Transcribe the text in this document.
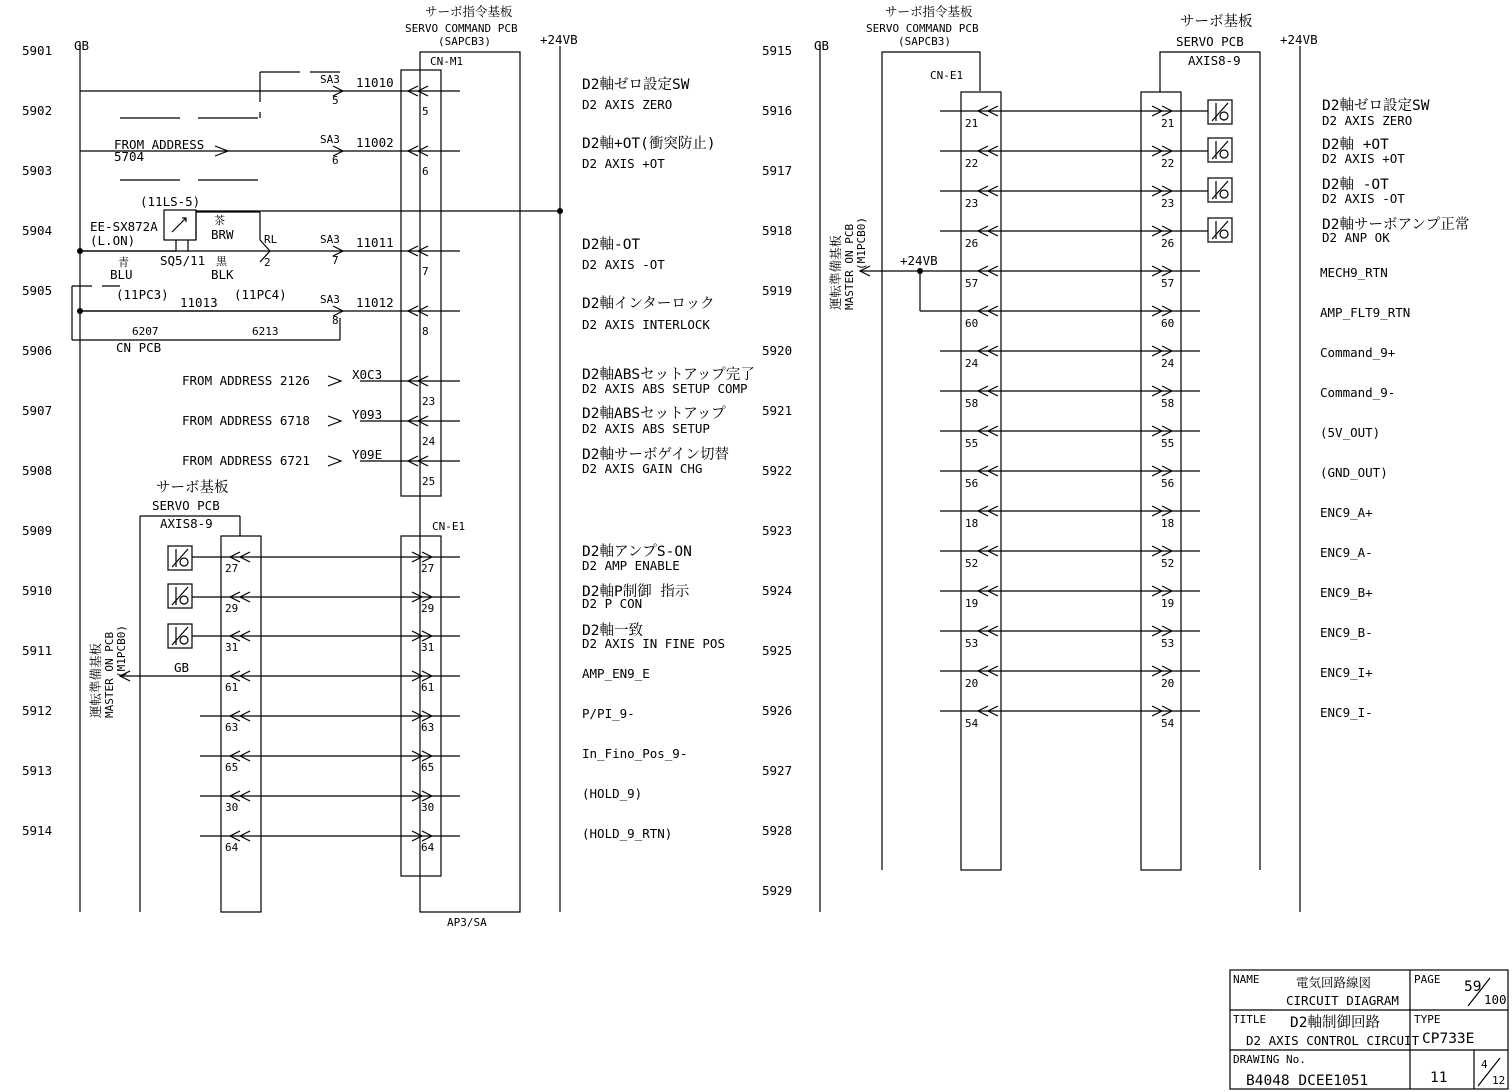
5901
5902
5903
5904
5905
5906
5907
5908
5909
5910
5911
5912
5913
5914
GB	+24VB
サーボ指令基板
SERVO COMMAND PCB
(SAPCB3)
CN-M1
CN-E1
AP3/SA
5
6
7
8
23
24
25
SA3
5
11010
SA3
6
11002
SA3
7
11011
SA3
8
11012
FROM ADDRESS
5704
(11LS-5)
EE-SX872A
(L.ON)
茶
BRW
青
BLU
SQ5/11 黒
BLK
RL
2
(11PC3)	(11PC4)
11013
6207	6213
CN PCB
FROM ADDRESS 2126	X0C3
FROM ADDRESS 6718	Y093
FROM ADDRESS 6721	Y09E
サーボ基板
SERVO PCB
AXIS8-9
27
29
31
61
63
65
30
64
27
29
31
61
63
65
30
64
運転準備基板 MASTER ON PCB (M1PCB0)	GB
D2軸ゼロ設定SW
D2 AXIS ZERO
D2軸+OT(衝突防止)
D2 AXIS +OT
D2軸-OT
D2 AXIS -OT
D2軸インターロック
D2 AXIS INTERLOCK
D2軸ABSセットアップ完了
D2 AXIS ABS SETUP COMP
D2軸ABSセットアップ
D2 AXIS ABS SETUP
D2軸サーボゲイン切替
D2 AXIS GAIN CHG
D2軸アンプS-ON
D2 AMP ENABLE
D2軸P制御 指示
D2 P CON
D2軸一致
D2 AXIS IN FINE POS
AMP_EN9_E
P/PI_9-
In_Fino_Pos_9-
(HOLD_9)
(HOLD_9_RTN)
5915
5916
5917
5918
5919
5920
5921
5922
5923
5924
5925
5926
5927
5928
5929
GB	+24VB
サーボ指令基板
SERVO COMMAND PCB
(SAPCB3)
CN-E1
サーボ基板
SERVO PCB
AXIS8-9
+24VB
21
22
23
26
57
60
24
58
55
56
18
52
19
53
20
54
21
22
23
26
57
60
24
58
55
56
18
52
19
53
20
54
運転準備基板 MASTER ON PCB (M1PCB0)
D2軸ゼロ設定SW
D2 AXIS ZERO
D2軸 +OT
D2 AXIS +OT
D2軸 -OT
D2 AXIS -OT
D2軸サーボアンプ正常
D2 ANP OK
MECH9_RTN
AMP_FLT9_RTN
Command_9+
Command_9-
(5V_OUT)
(GND_OUT)
ENC9_A+
ENC9_A-
ENC9_B+
ENC9_B-
ENC9_I+
ENC9_I-
NAME	電気回路線図
CIRCUIT DIAGRAM
PAGE 59
100
TITLE D2軸制御回路
D2 AXIS CONTROL CIRCUIT
TYPE
CP733E
DRAWING No.
B4048 DCEE1051	11
4
12
